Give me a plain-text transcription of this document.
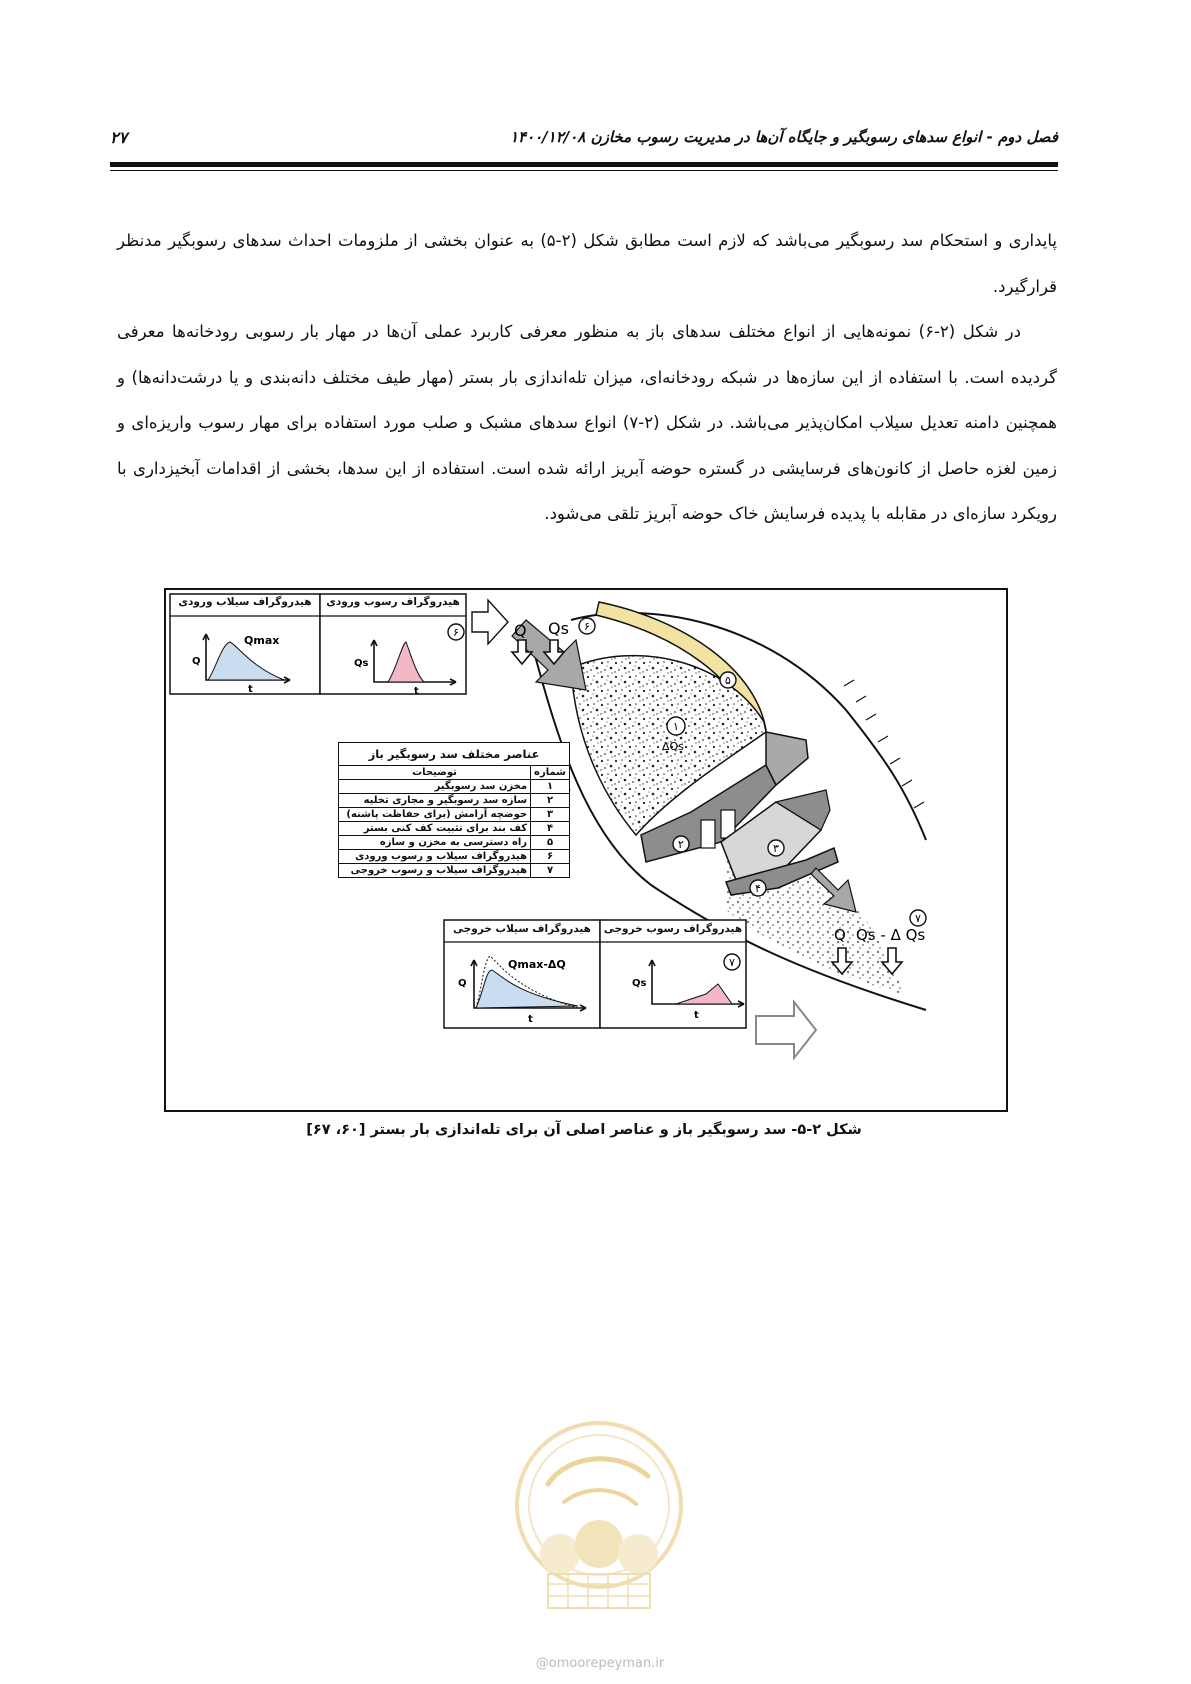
فصل دوم - انواع سدهای رسوبگیر و جایگاه آن‌ها در مدیریت رسوب مخازن ۱۴۰۰/۱۲/۰۸
۲۷

پایداری و استحکام سد رسوبگیر می‌باشد که لازم است مطابق شکل (۲-۵) به عنوان بخشی از ملزومات احداث سدهای رسوبگیر مدنظر قرارگیرد.

در شکل (۲-۶) نمونه‌هایی از انواع مختلف سدهای باز به منظور معرفی کاربرد عملی آن‌ها در مهار بار رسوبی رودخانه‌ها معرفی گردیده است. با استفاده از این سازه‌ها در شبکه رودخانه‌ای، میزان تله‌اندازی بار بستر (مهار طیف مختلف دانه‌بندی و یا درشت‌دانه‌ها) و همچنین دامنه تعدیل سیلاب امکان‌پذیر می‌باشد. در شکل (۲-۷) انواع سدهای مشبک و صلب مورد استفاده برای مهار رسوب واریزه‌ای و زمین لغزه حاصل از کانون‌های فرسایشی در گستره حوضه آبریز ارائه شده است. استفاده از این سدها، بخشی از اقدامات آبخیزداری با رویکرد سازه‌ای در مقابله با پدیده فرسایش خاک حوضه آبریز تلقی می‌شود.

Q Qs ۶
۵
۱
ΔQs
۲	۳
۴
۷
Q Qs - Δ Qs
Q
t
Qmax
Qs
t
۶
Q
t
Qmax-ΔQ
Qs
t
۷
هیدروگراف سیلاب ورودی	هیدروگراف رسوب ورودی
هیدروگراف سیلاب خروجی	هیدروگراف رسوب خروجی
عناصر مختلف سد رسوبگیر باز	
شماره	توضیحات
۱	مخزن سد رسوبگیر
۲	سازه سد رسوبگیر و مجاری تخلیه
۳	حوضچه آرامش (برای حفاظت پاشنه)
۴	کف بند برای تثبیت کف کنی بستر
۵	راه دسترسی به مخزن و سازه
۶	هیدروگراف سیلاب و رسوب ورودی
۷	هیدروگراف سیلاب و رسوب خروجی
شکل ۲-۵- سد رسوبگیر باز و عناصر اصلی آن برای تله‌اندازی بار بستر [۶۰، ۶۷]
@omoorepeyman.ir
